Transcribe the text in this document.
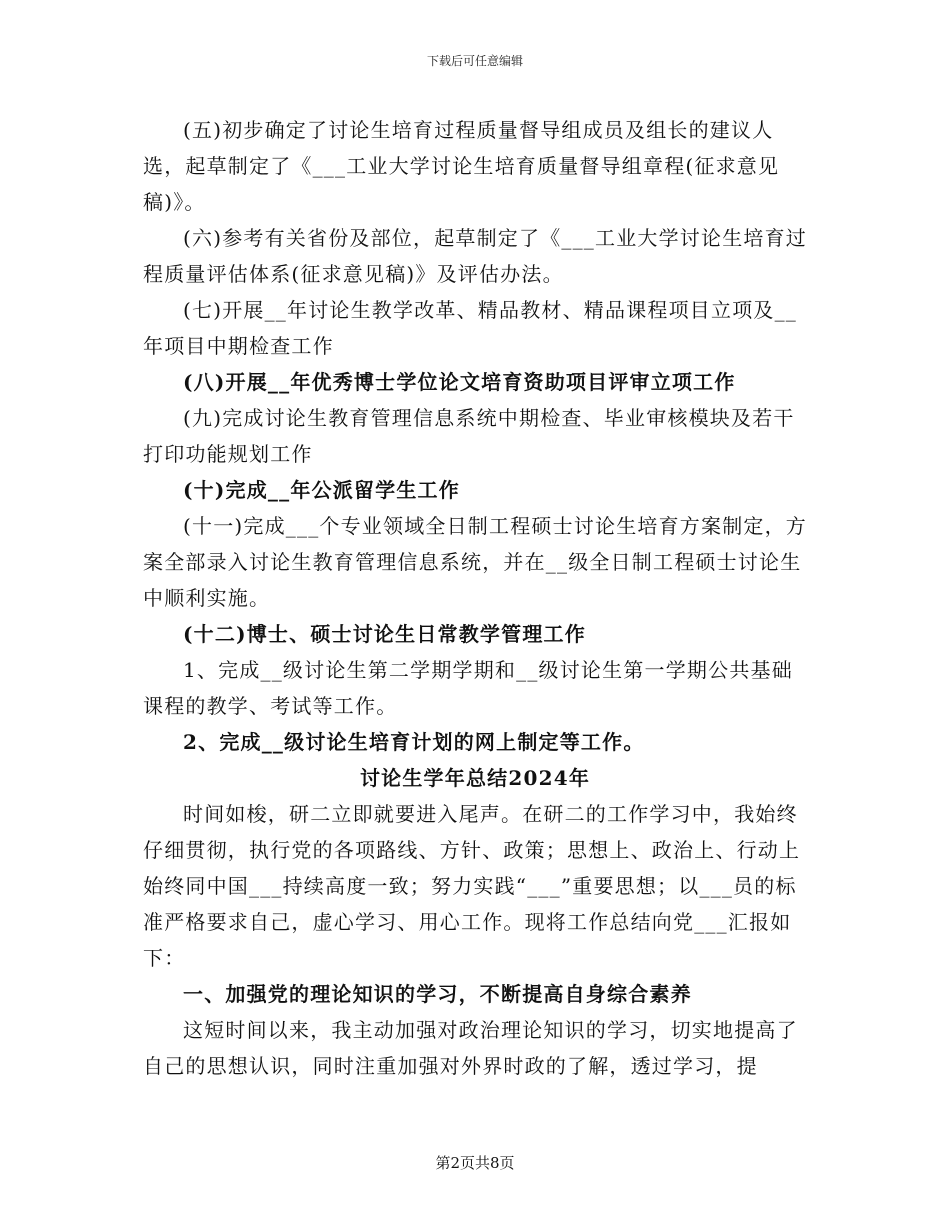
下载后可任意编辑

(五)初步确定了讨论生培育过程质量督导组成员及组长的建议人选，起草制定了《___工业大学讨论生培育质量督导组章程(征求意见稿)》。

(六)参考有关省份及部位，起草制定了《___工业大学讨论生培育过程质量评估体系(征求意见稿)》及评估办法。

(七)开展__年讨论生教学改革、精品教材、精品课程项目立项及__年项目中期检查工作

(八)开展__年优秀博士学位论文培育资助项目评审立项工作

(九)完成讨论生教育管理信息系统中期检查、毕业审核模块及若干打印功能规划工作

(十)完成__年公派留学生工作

(十一)完成___个专业领域全日制工程硕士讨论生培育方案制定，方案全部录入讨论生教育管理信息系统，并在__级全日制工程硕士讨论生中顺利实施。

(十二)博士、硕士讨论生日常教学管理工作

1、完成__级讨论生第二学期学期和__级讨论生第一学期公共基础课程的教学、考试等工作。

2、完成__级讨论生培育计划的网上制定等工作。

讨论生学年总结2024年

时间如梭，研二立即就要进入尾声。在研二的工作学习中，我始终仔细贯彻，执行党的各项路线、方针、政策；思想上、政治上、行动上始终同中国___持续高度一致；努力实践“___”重要思想；以___员的标准严格要求自己，虚心学习、用心工作。现将工作总结向党___汇报如下：

一、加强党的理论知识的学习，不断提高自身综合素养

这短时间以来，我主动加强对政治理论知识的学习，切实地提高了自己的思想认识，同时注重加强对外界时政的了解，透过学习，提

第2页共8页
